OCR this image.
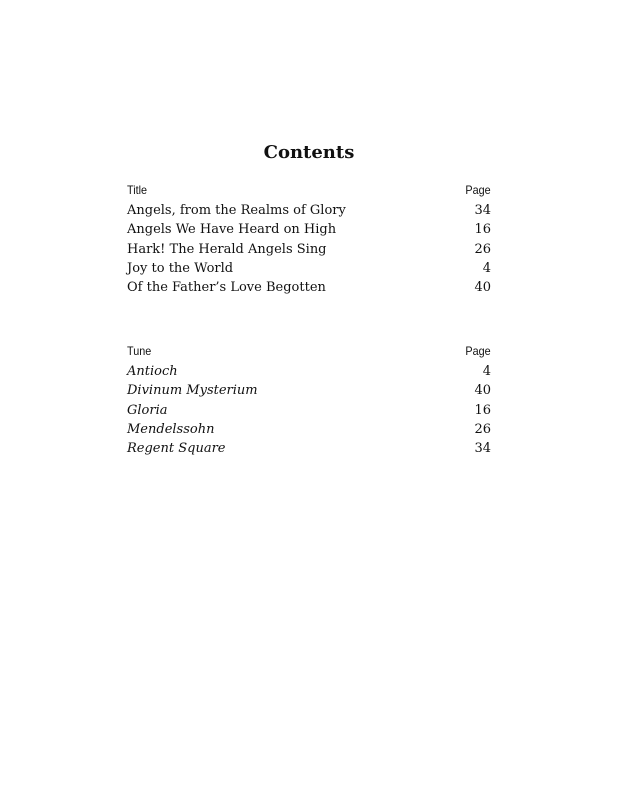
Contents
Title	Page
Angels, from the Realms of Glory	34
Angels We Have Heard on High	16
Hark! The Herald Angels Sing	26
Joy to the World	4
Of the Father’s Love Begotten	40
Tune	Page
Antioch	4
Divinum Mysterium	40
Gloria	16
Mendelssohn	26
Regent Square	34
